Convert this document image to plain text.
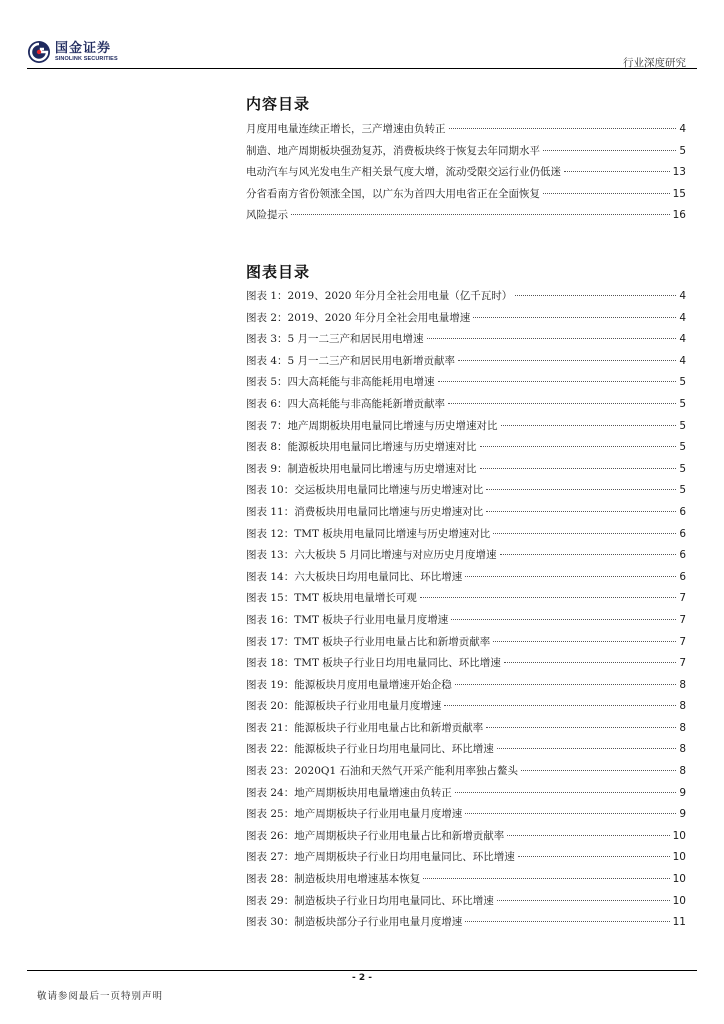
国金证券
SINOLINK SECURITIES	行业深度研究
内容目录
月度用电量连续正增长，三产增速由负转正	4
制造、地产周期板块强劲复苏，消费板块终于恢复去年同期水平	5
电动汽车与风光发电生产相关景气度大增，流动受限交运行业仍低迷	13
分省看南方省份领涨全国，以广东为首四大用电省正在全面恢复	15
风险提示	16
图表目录
图表 1：2019、2020 年分月全社会用电量（亿千瓦时）	4
图表 2：2019、2020 年分月全社会用电量增速	4
图表 3：5 月一二三产和居民用电增速	4
图表 4：5 月一二三产和居民用电新增贡献率	4
图表 5：四大高耗能与非高能耗用电增速	5
图表 6：四大高耗能与非高能耗新增贡献率	5
图表 7：地产周期板块用电量同比增速与历史增速对比	5
图表 8：能源板块用电量同比增速与历史增速对比	5
图表 9：制造板块用电量同比增速与历史增速对比	5
图表 10：交运板块用电量同比增速与历史增速对比	5
图表 11：消费板块用电量同比增速与历史增速对比	6
图表 12：TMT 板块用电量同比增速与历史增速对比	6
图表 13：六大板块 5 月同比增速与对应历史月度增速	6
图表 14：六大板块日均用电量同比、环比增速	6
图表 15：TMT 板块用电量增长可观	7
图表 16：TMT 板块子行业用电量月度增速	7
图表 17：TMT 板块子行业用电量占比和新增贡献率	7
图表 18：TMT 板块子行业日均用电量同比、环比增速	7
图表 19：能源板块月度用电量增速开始企稳	8
图表 20：能源板块子行业用电量月度增速	8
图表 21：能源板块子行业用电量占比和新增贡献率	8
图表 22：能源板块子行业日均用电量同比、环比增速	8
图表 23：2020Q1 石油和天然气开采产能利用率独占鳌头	8
图表 24：地产周期板块用电量增速由负转正	9
图表 25：地产周期板块子行业用电量月度增速	9
图表 26：地产周期板块子行业用电量占比和新增贡献率	10
图表 27：地产周期板块子行业日均用电量同比、环比增速	10
图表 28：制造板块用电增速基本恢复	10
图表 29：制造板块子行业日均用电量同比、环比增速	10
图表 30：制造板块部分子行业用电量月度增速	11
- 2 -
敬请参阅最后一页特别声明
